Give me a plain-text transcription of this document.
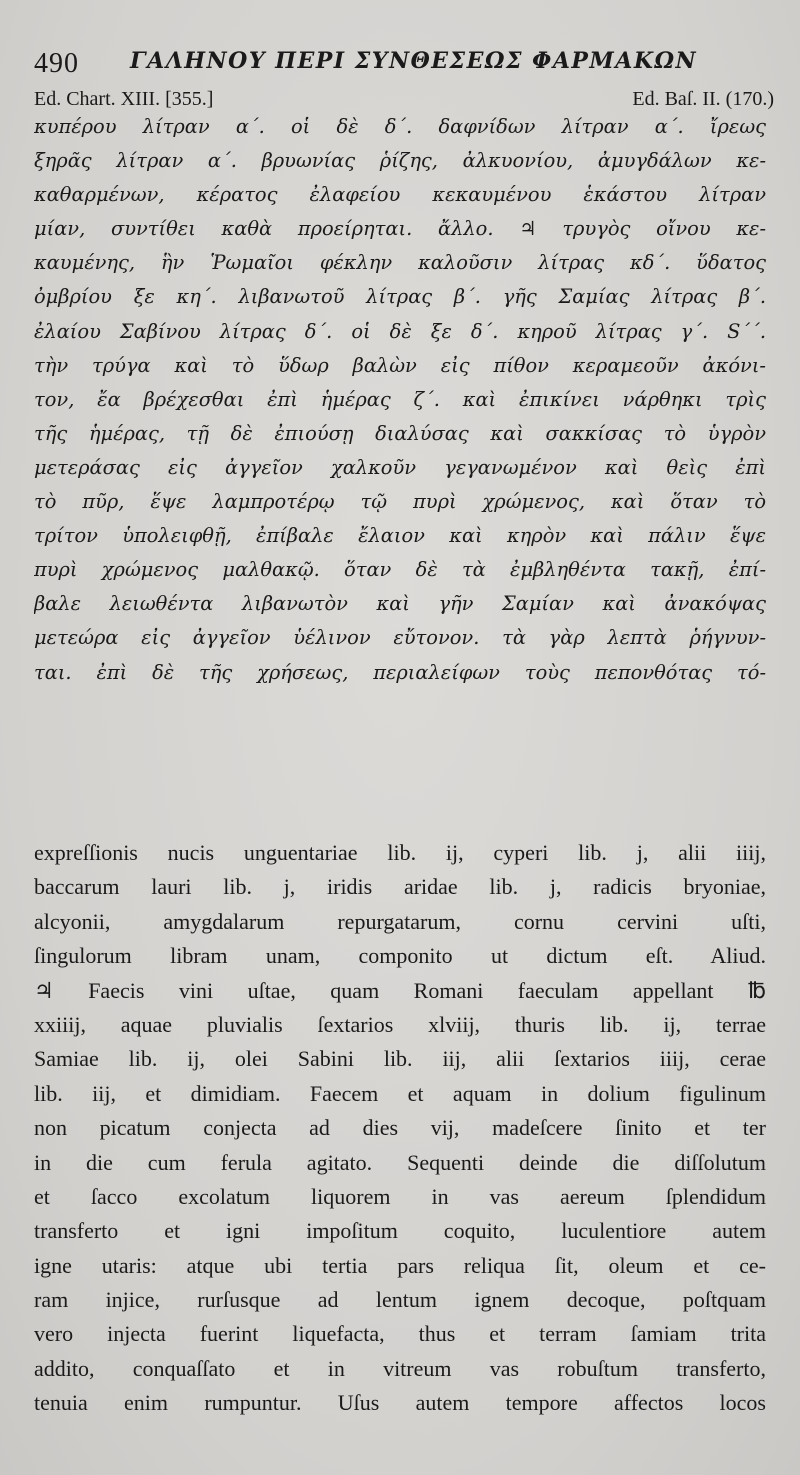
490 ΓΑΛΗΝΟΥ ΠΕΡΙ ΣΥΝΘΕΣΕΩΣ ΦΑΡΜΑΚΩΝ
Ed. Chart. XIII. [355.]	Ed. Baſ. II. (170.)
κυπέρου λίτραν α΄. οἱ δὲ δ΄. δαφνίδων λίτραν α΄. ἴρεως
ξηρᾶς λίτραν α΄. βρυωνίας ῥίζης, ἀλκυονίου, ἀμυγδάλων κε-
καθαρμένων, κέρατος ἐλαφείου κεκαυμένου ἑκάστου λίτραν
μίαν, συντίθει καθὰ προείρηται. ἄλλο. ♃ τρυγὸς οἴνου κε-
καυμένης, ἣν Ῥωμαῖοι φέκλην καλοῦσιν λίτρας κδ΄. ὕδατος
ὀμβρίου ξε κη΄. λιβανωτοῦ λίτρας β΄. γῆς Σαμίας λίτρας β΄.
ἐλαίου Σαβίνου λίτρας δ΄. οἱ δὲ ξε δ΄. κηροῦ λίτρας γ΄. S΄΄.
τὴν τρύγα καὶ τὸ ὕδωρ βαλὼν εἰς πίθον κεραμεοῦν ἀκόνι-
τον, ἔα βρέχεσθαι ἐπὶ ἡμέρας ζ΄. καὶ ἐπικίνει νάρθηκι τρὶς
τῆς ἡμέρας, τῇ δὲ ἐπιούσῃ διαλύσας καὶ σακκίσας τὸ ὑγρὸν
μετεράσας εἰς ἀγγεῖον χαλκοῦν γεγανωμένον καὶ θεὶς ἐπὶ
τὸ πῦρ, ἕψε λαμπροτέρῳ τῷ πυρὶ χρώμενος, καὶ ὅταν τὸ
τρίτον ὑπολειφθῇ, ἐπίβαλε ἔλαιον καὶ κηρὸν καὶ πάλιν ἕψε
πυρὶ χρώμενος μαλθακῷ. ὅταν δὲ τὰ ἐμβληθέντα τακῇ, ἐπί-
βαλε λειωθέντα λιβανωτὸν καὶ γῆν Σαμίαν καὶ ἀνακόψας
μετεώρα εἰς ἀγγεῖον ὑέλινον εὔτονον. τὰ γὰρ λεπτὰ ῥήγνυν-
ται. ἐπὶ δὲ τῆς χρήσεως, περιαλείφων τοὺς πεπονθότας τό-
expreſſionis nucis unguentariae lib. ij, cyperi lib. j, alii iiij,
baccarum lauri lib. j, iridis aridae lib. j, radicis bryoniae,
alcyonii, amygdalarum repurgatarum, cornu cervini uſti,
ſingulorum libram unam, componito ut dictum eſt. Aliud.
♃ Faecis vini uſtae, quam Romani faeculam appellant ℔
xxiiij, aquae pluvialis ſextarios xlviij, thuris lib. ij, terrae
Samiae lib. ij, olei Sabini lib. iij, alii ſextarios iiij, cerae
lib. iij, et dimidiam. Faecem et aquam in dolium figulinum
non picatum conjecta ad dies vij, madeſcere ſinito et ter
in die cum ferula agitato. Sequenti deinde die diſſolutum
et ſacco excolatum liquorem in vas aereum ſplendidum
transferto et igni impoſitum coquito, luculentiore autem
igne utaris: atque ubi tertia pars reliqua ſit, oleum et ce-
ram injice, rurſusque ad lentum ignem decoque, poſtquam
vero injecta fuerint liquefacta, thus et terram ſamiam trita
addito, conquaſſato et in vitreum vas robuſtum transferto,
tenuia enim rumpuntur. Uſus autem tempore affectos locos
